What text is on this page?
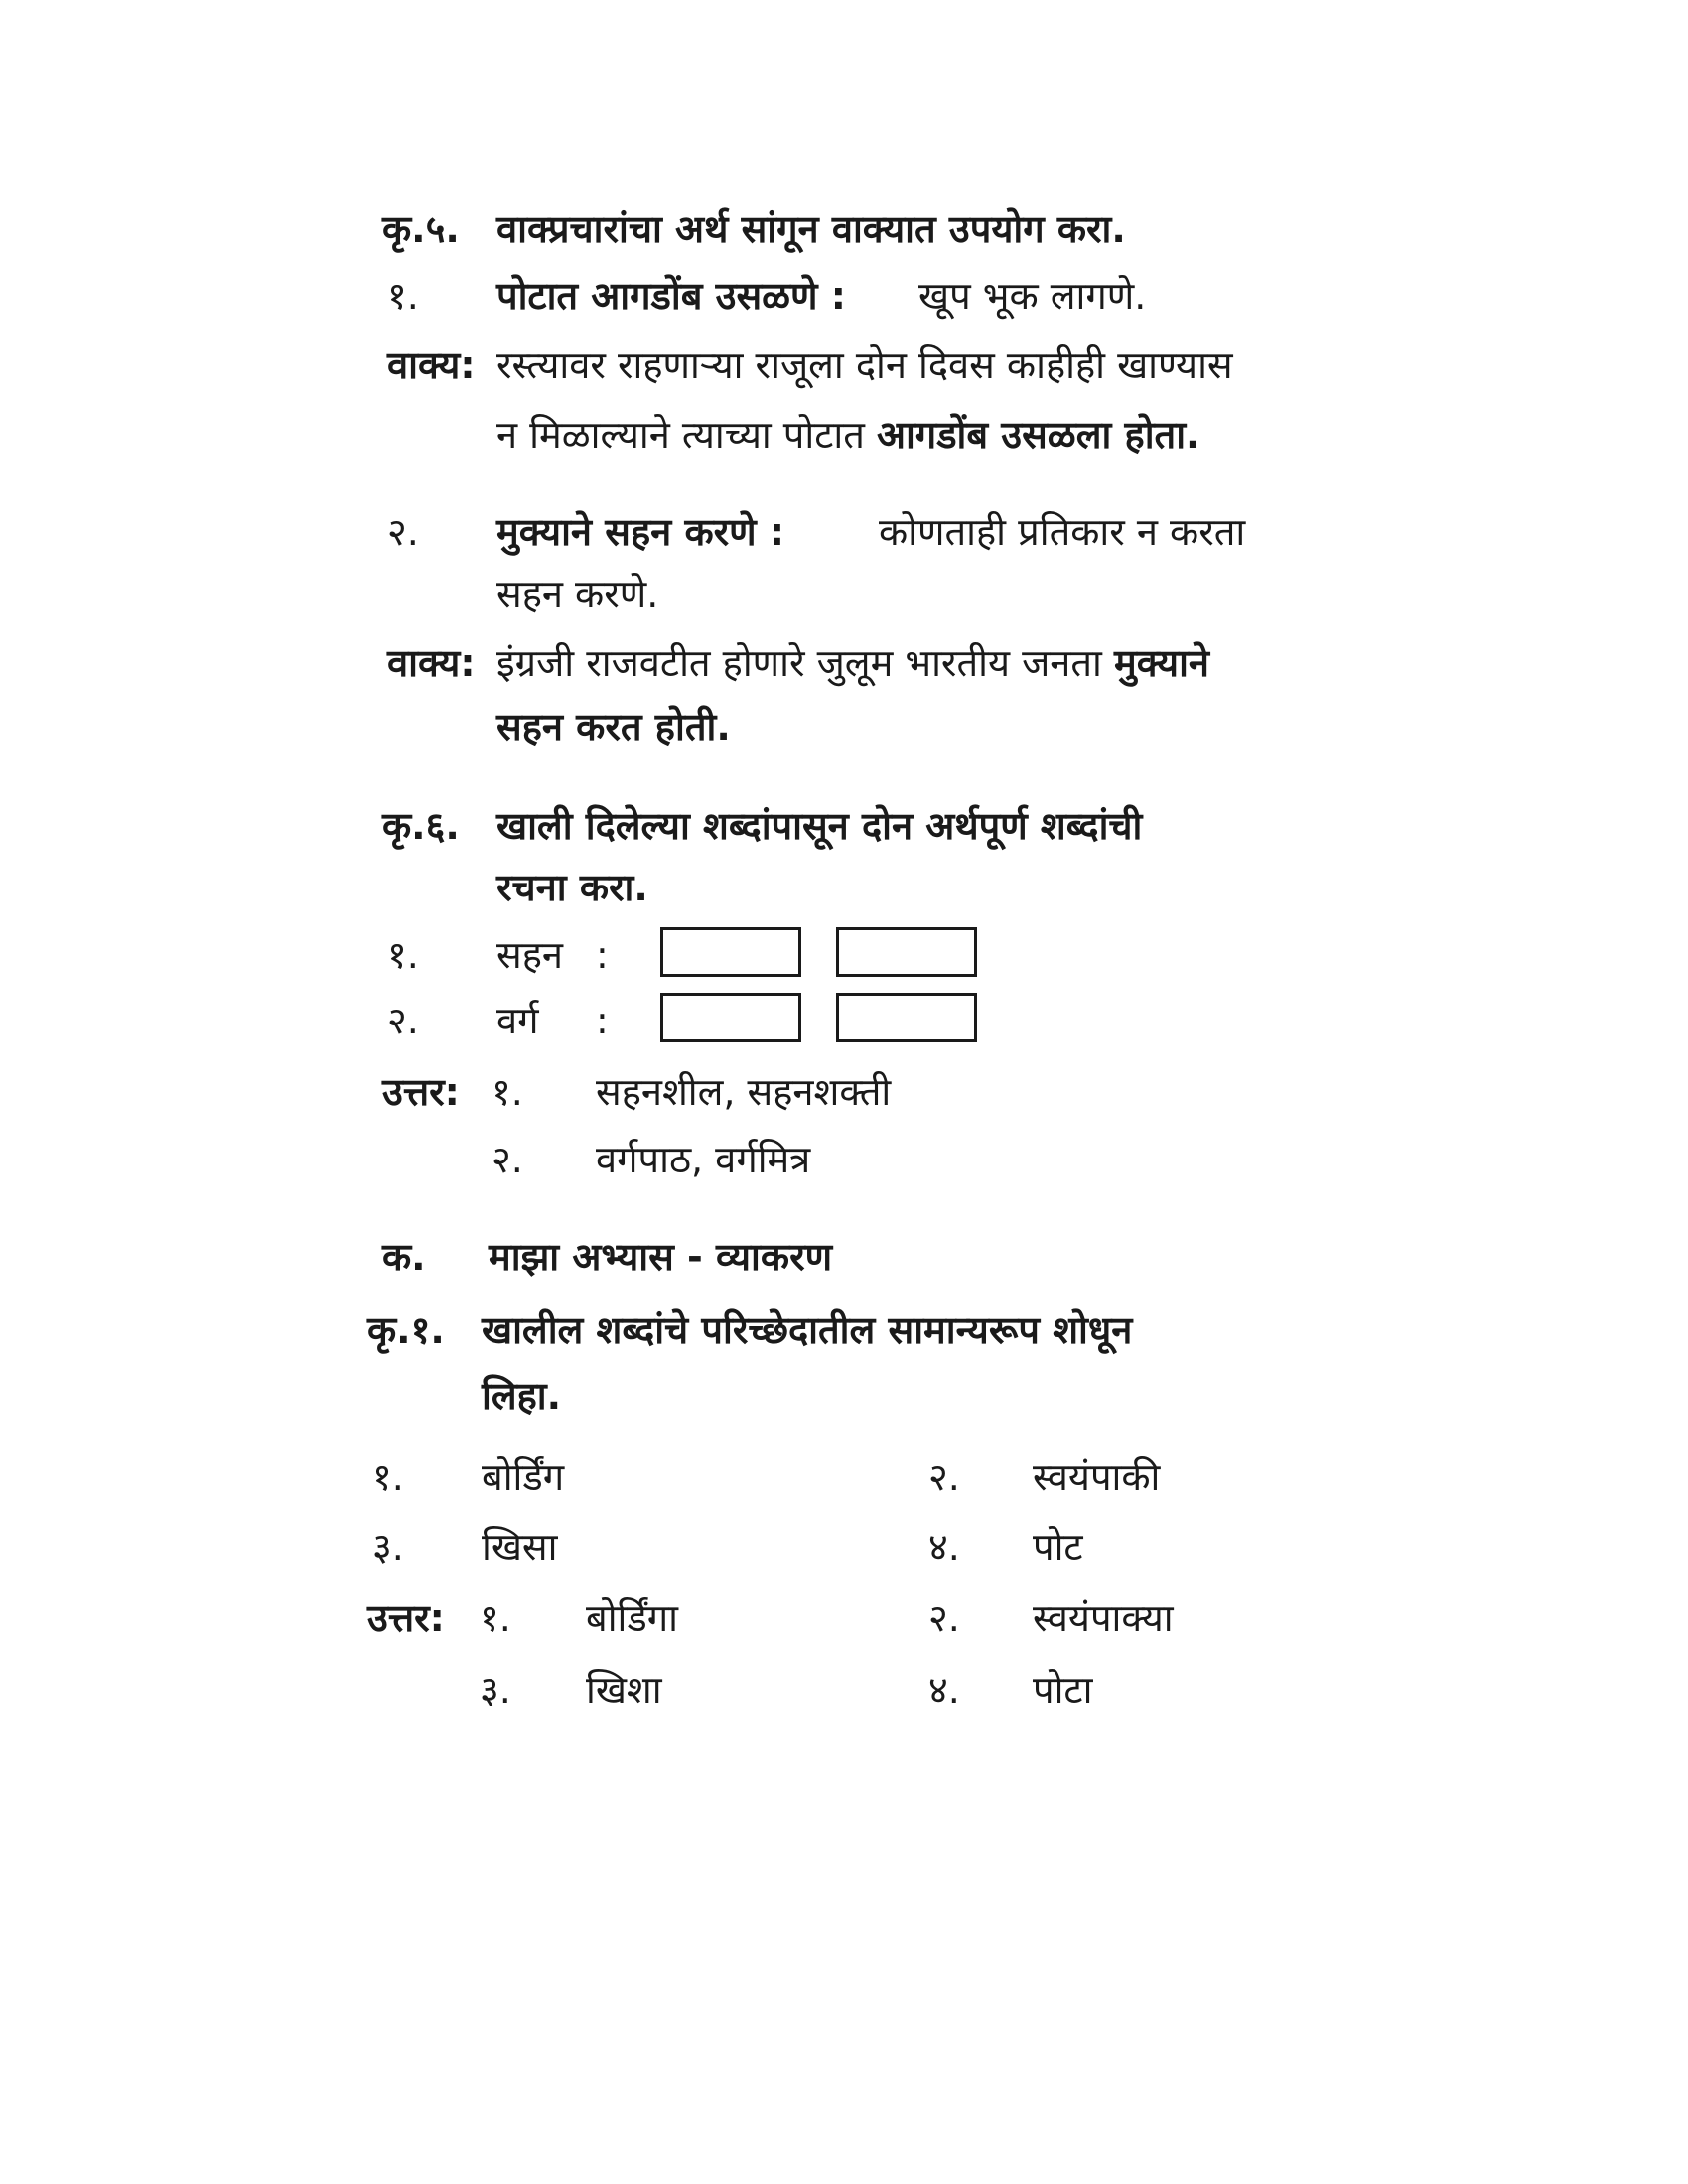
कृ.५. वाक्प्रचारांचा अर्थ सांगून वाक्यात उपयोग करा.
१. पोटात आगडोंब उसळणे : खूप भूक लागणे.
वाक्य: रस्त्यावर राहणाऱ्या राजूला दोन दिवस काहीही खाण्यास
न मिळाल्याने त्याच्या पोटात आगडोंब उसळला होता.
२. मुक्याने सहन करणे : कोणताही प्रतिकार न करता
सहन करणे.
वाक्य: इंग्रजी राजवटीत होणारे जुलूम भारतीय जनता मुक्याने
सहन करत होती.
कृ.६. खाली दिलेल्या शब्दांपासून दोन अर्थपूर्ण शब्दांची
रचना करा.
१. सहन :
२. वर्ग :
उत्तर: १. सहनशील, सहनशक्ती
२. वर्गपाठ, वर्गमित्र
क. माझा अभ्यास - व्याकरण
कृ.१. खालील शब्दांचे परिच्छेदातील सामान्यरूप शोधून
लिहा.
१. बोर्डिंग	२. स्वयंपाकी
३. खिसा	४. पोट
उत्तर: १. बोर्डिंगा	२. स्वयंपाक्या
३. खिशा	४. पोटा
